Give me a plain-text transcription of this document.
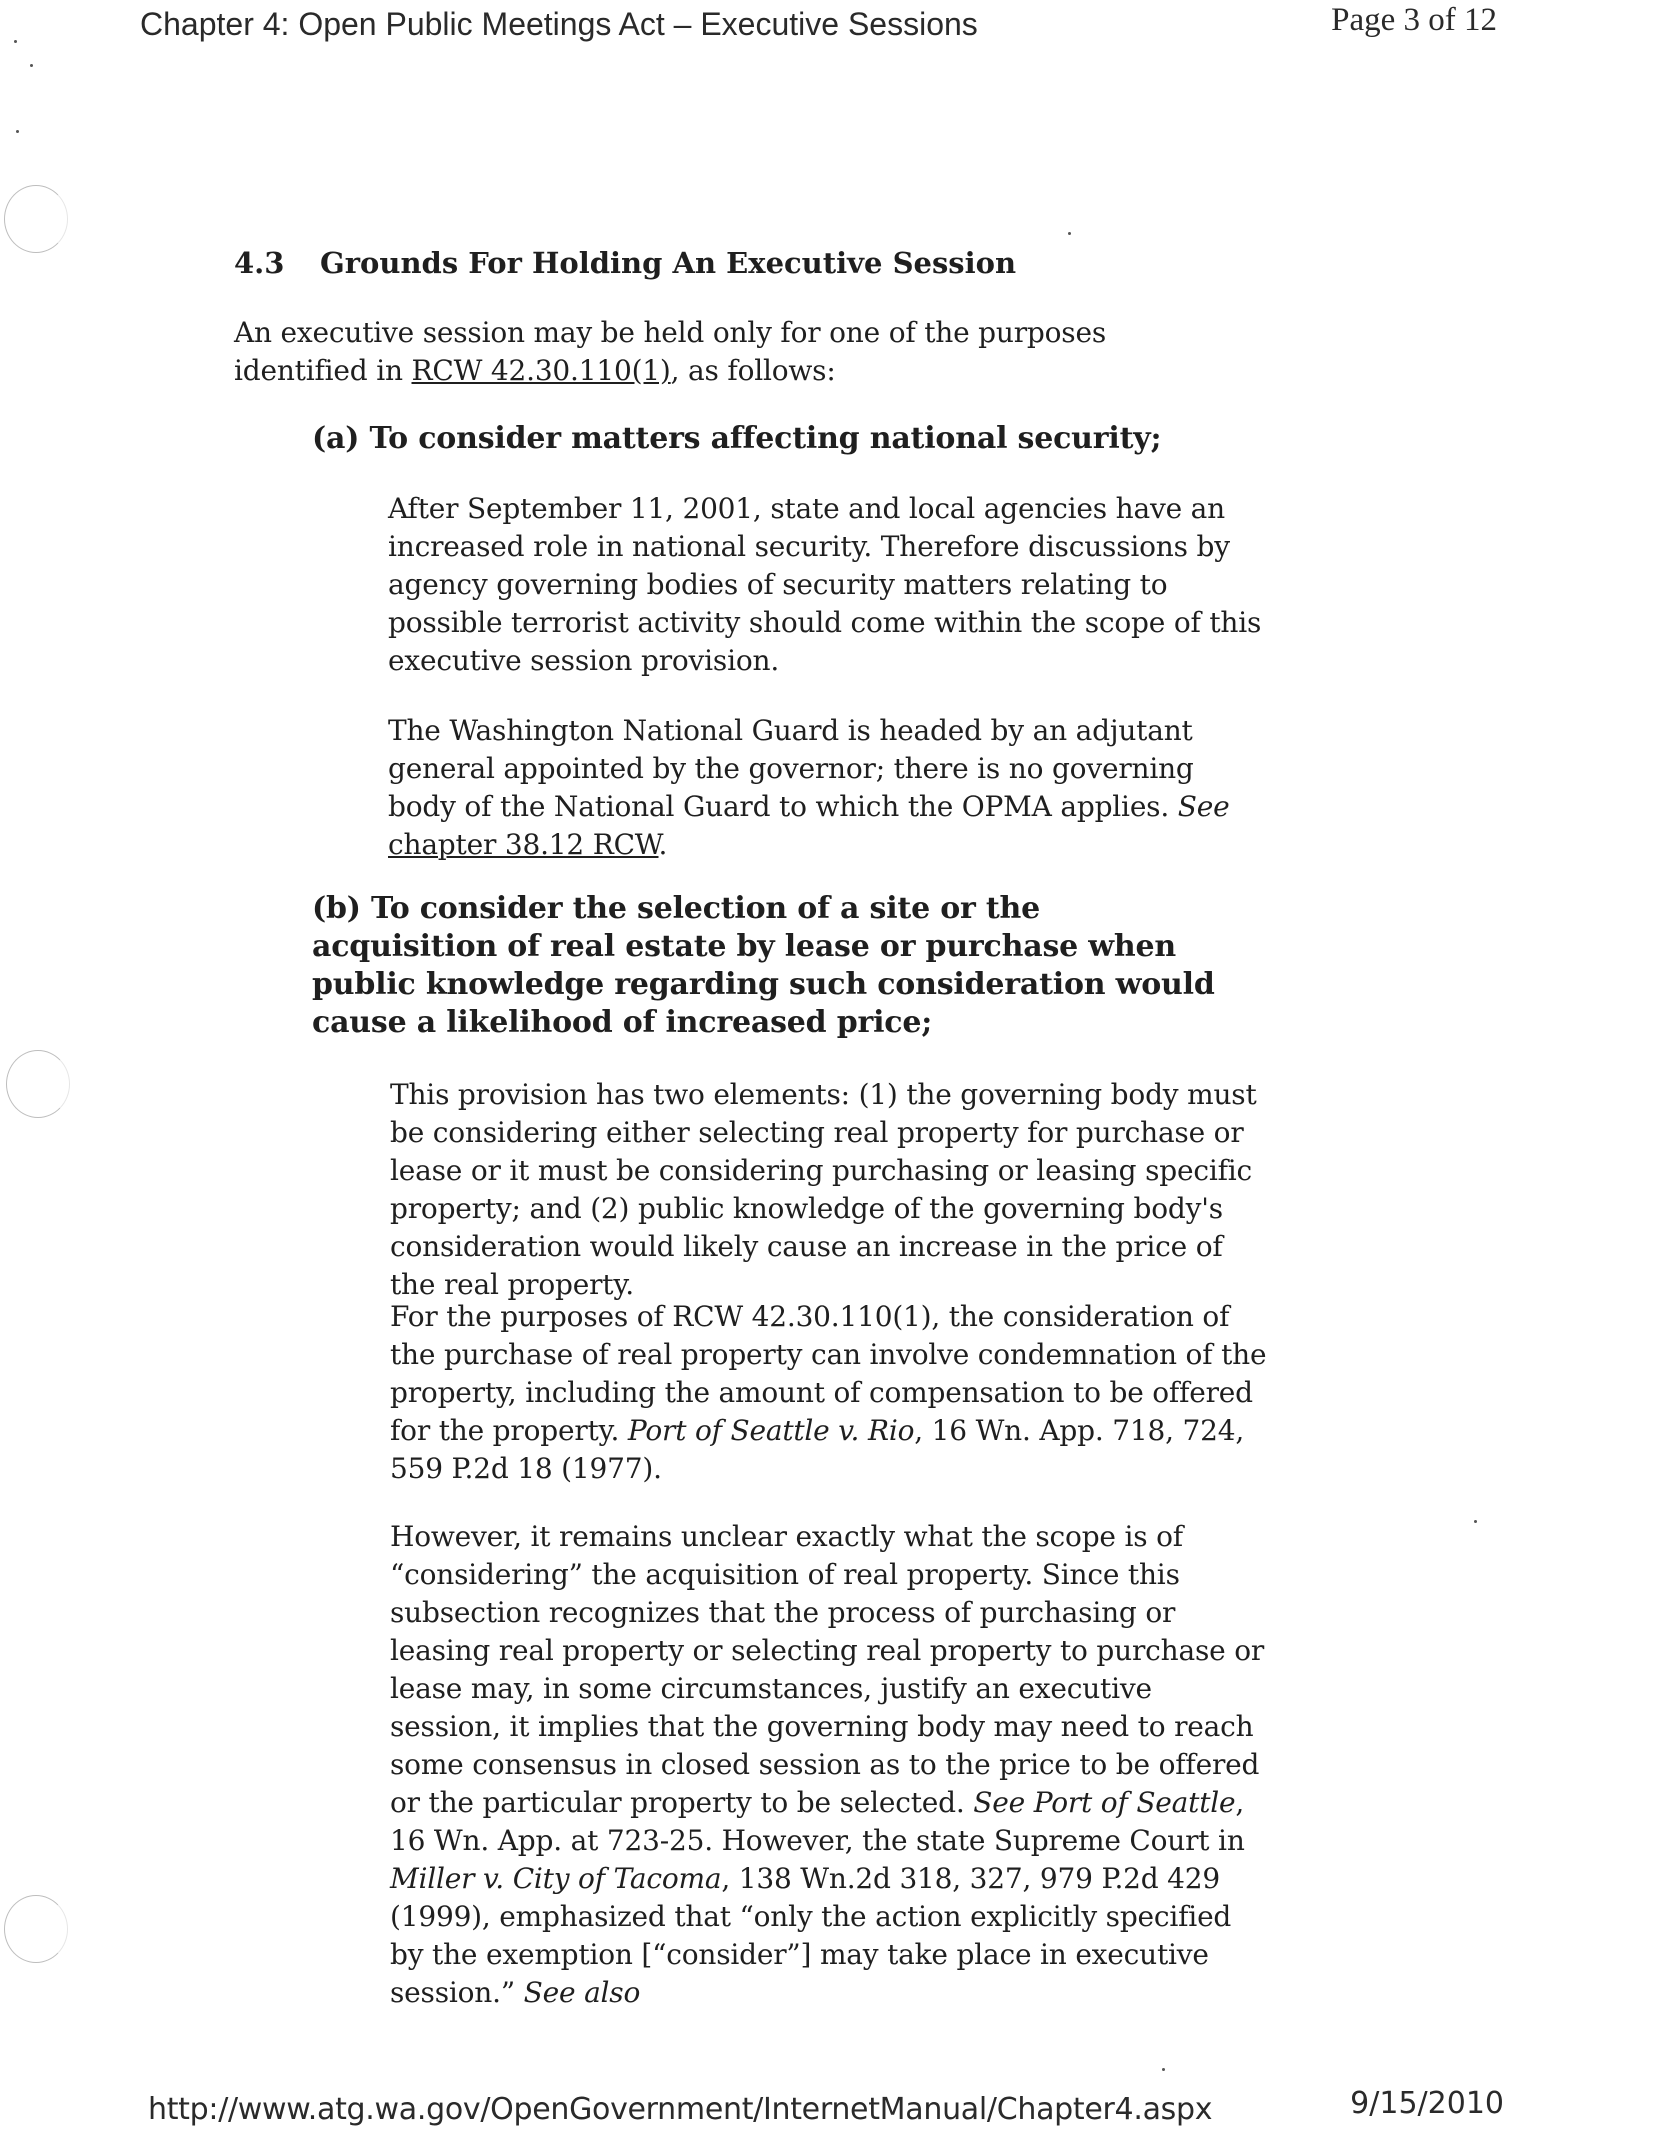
Chapter 4: Open Public Meetings Act – Executive Sessions	Page 3 of 12
4.3 Grounds For Holding An Executive Session

An executive session may be held only for one of the purposes identified in RCW 42.30.110(1), as follows:

(a) To consider matters affecting national security;

After September 11, 2001, state and local agencies have an increased role in national security. Therefore discussions by agency governing bodies of security matters relating to possible terrorist activity should come within the scope of this executive session provision.

The Washington National Guard is headed by an adjutant general appointed by the governor; there is no governing body of the National Guard to which the OPMA applies. See chapter 38.12 RCW.

(b) To consider the selection of a site or the acquisition of real estate by lease or purchase when public knowledge regarding such consideration would cause a likelihood of increased price;

This provision has two elements: (1) the governing body must be considering either selecting real property for purchase or lease or it must be considering purchasing or leasing specific property; and (2) public knowledge of the governing body's consideration would likely cause an increase in the price of the real property.

For the purposes of RCW 42.30.110(1), the consideration of the purchase of real property can involve condemnation of the property, including the amount of compensation to be offered for the property. Port of Seattle v. Rio, 16 Wn. App. 718, 724, 559 P.2d 18 (1977).

However, it remains unclear exactly what the scope is of “considering” the acquisition of real property. Since this subsection recognizes that the process of purchasing or leasing real property or selecting real property to purchase or lease may, in some circumstances, justify an executive session, it implies that the governing body may need to reach some consensus in closed session as to the price to be offered or the particular property to be selected. See Port of Seattle, 16 Wn. App. at 723-25. However, the state Supreme Court in Miller v. City of Tacoma, 138 Wn.2d 318, 327, 979 P.2d 429 (1999), emphasized that “only the action explicitly specified by the exemption [“consider”] may take place in executive session.” See also

http://www.atg.wa.gov/OpenGovernment/InternetManual/Chapter4.aspx	9/15/2010
